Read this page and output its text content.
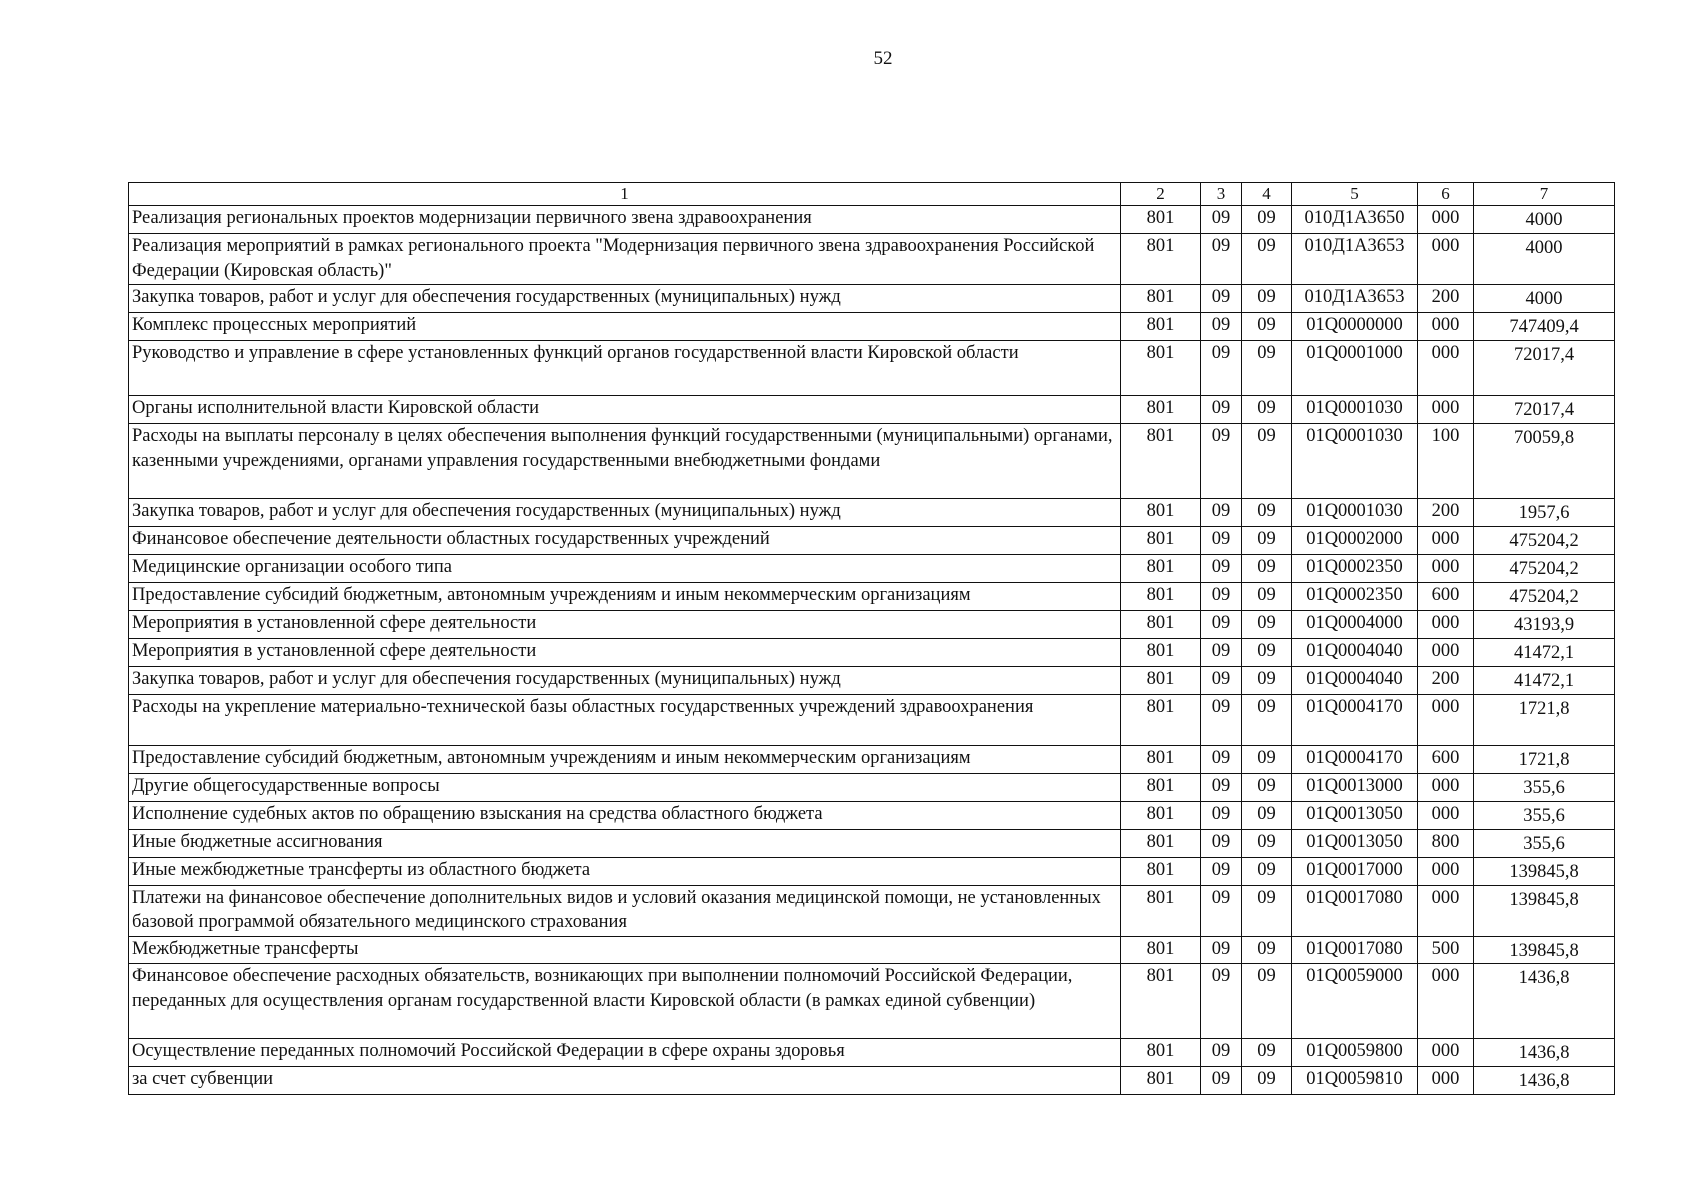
52
1	2	3	4	5	6	7
Реализация региональных проектов модернизации первичного звена здравоохранения	801	09	09	010Д1А3650	000	4000
Реализация мероприятий в рамках регионального проекта "Модернизация первичного звена здравоохранения Российской Федерации (Кировская область)"	801	09	09	010Д1А3653	000	4000
Закупка товаров, работ и услуг для обеспечения государственных (муниципальных) нужд	801	09	09	010Д1А3653	200	4000
Комплекс процессных мероприятий	801	09	09	01Q0000000	000	747409,4
Руководство и управление в сфере установленных функций органов государственной власти Кировской области	801	09	09	01Q0001000	000	72017,4
Органы исполнительной власти Кировской области	801	09	09	01Q0001030	000	72017,4
Расходы на выплаты персоналу в целях обеспечения выполнения функций государственными (муниципальными) органами, казенными учреждениями, органами управления государственными внебюджетными фондами	801	09	09	01Q0001030	100	70059,8
Закупка товаров, работ и услуг для обеспечения государственных (муниципальных) нужд	801	09	09	01Q0001030	200	1957,6
Финансовое обеспечение деятельности областных государственных учреждений	801	09	09	01Q0002000	000	475204,2
Медицинские организации особого типа	801	09	09	01Q0002350	000	475204,2
Предоставление субсидий бюджетным, автономным учреждениям и иным некоммерческим организациям	801	09	09	01Q0002350	600	475204,2
Мероприятия в установленной сфере деятельности	801	09	09	01Q0004000	000	43193,9
Мероприятия в установленной сфере деятельности	801	09	09	01Q0004040	000	41472,1
Закупка товаров, работ и услуг для обеспечения государственных (муниципальных) нужд	801	09	09	01Q0004040	200	41472,1
Расходы на укрепление материально-технической базы областных государственных учреждений здравоохранения	801	09	09	01Q0004170	000	1721,8
Предоставление субсидий бюджетным, автономным учреждениям и иным некоммерческим организациям	801	09	09	01Q0004170	600	1721,8
Другие общегосударственные вопросы	801	09	09	01Q0013000	000	355,6
Исполнение судебных актов по обращению взыскания на средства областного бюджета	801	09	09	01Q0013050	000	355,6
Иные бюджетные ассигнования	801	09	09	01Q0013050	800	355,6
Иные межбюджетные трансферты из областного бюджета	801	09	09	01Q0017000	000	139845,8
Платежи на финансовое обеспечение дополнительных видов и условий оказания медицинской помощи, не установленных базовой программой обязательного медицинского страхования	801	09	09	01Q0017080	000	139845,8
Межбюджетные трансферты	801	09	09	01Q0017080	500	139845,8
Финансовое обеспечение расходных обязательств, возникающих при выполнении полномочий Российской Федерации, переданных для осуществления органам государственной власти Кировской области (в рамках единой субвенции)	801	09	09	01Q0059000	000	1436,8
Осуществление переданных полномочий Российской Федерации в сфере охраны здоровья	801	09	09	01Q0059800	000	1436,8
за счет субвенции	801	09	09	01Q0059810	000	1436,8
